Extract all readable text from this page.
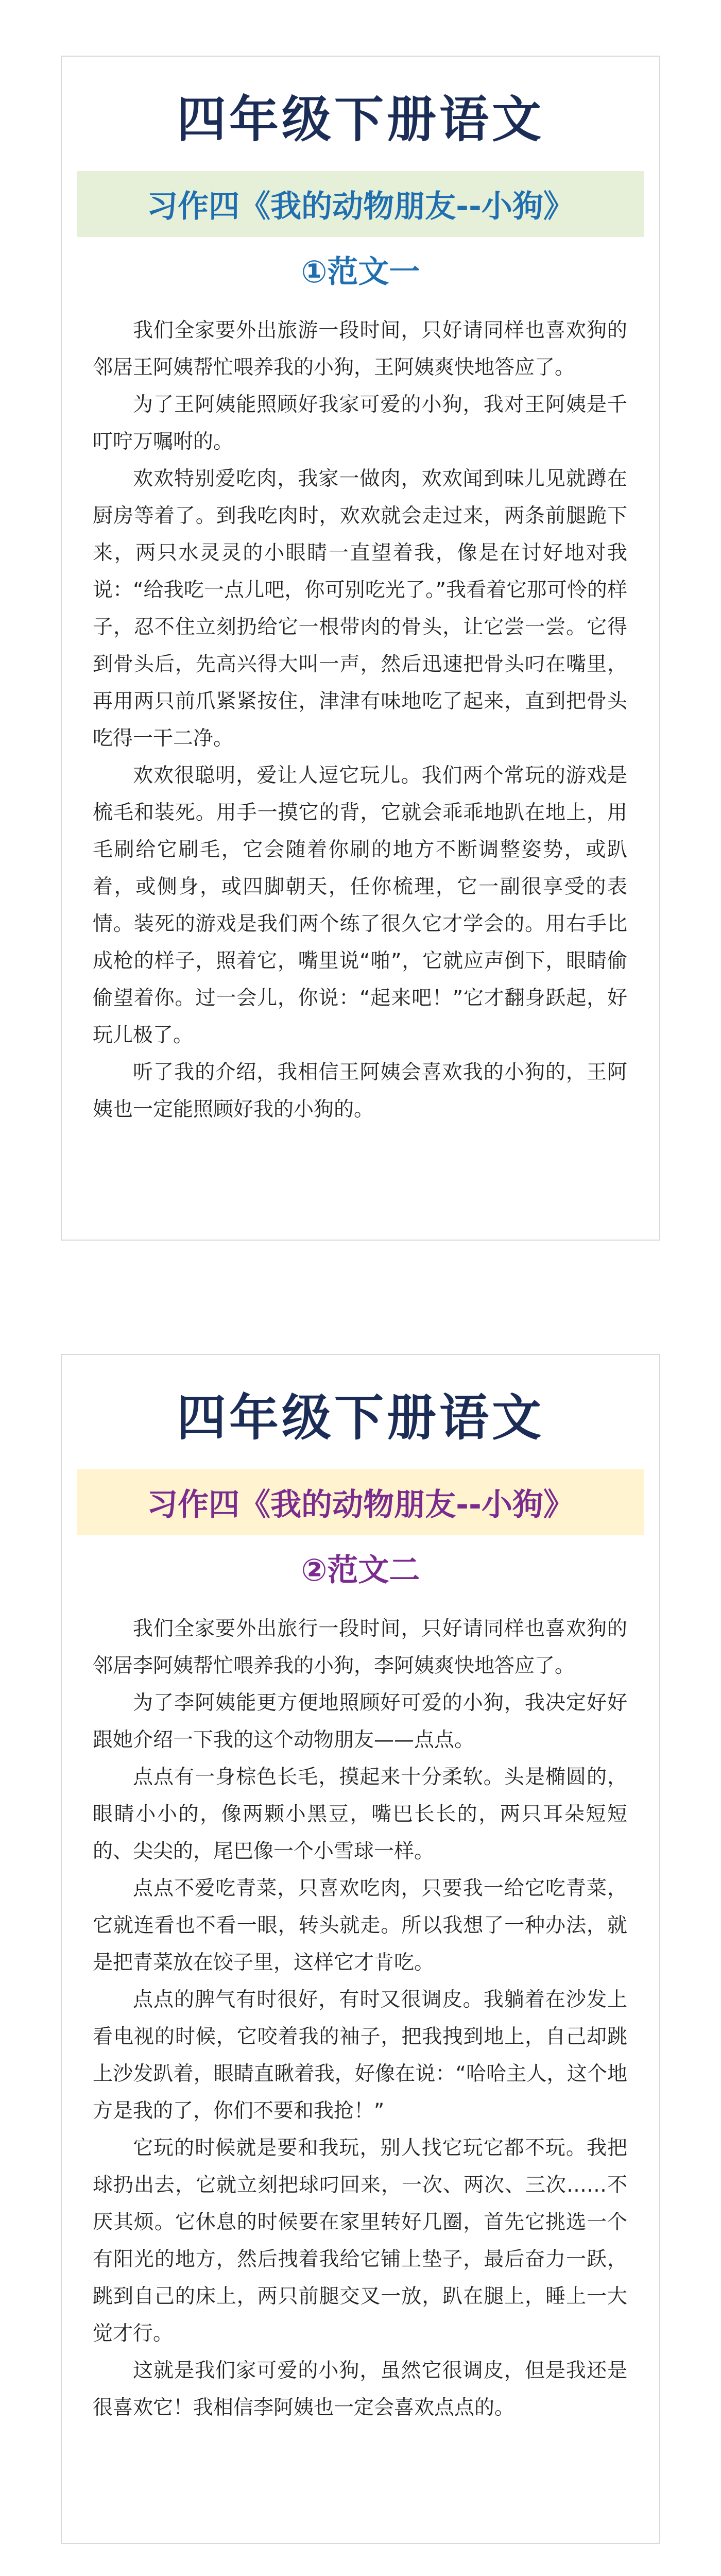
四年级下册语文
习作四《我的动物朋友--小狗》
①范文一

我们全家要外出旅游一段时间，只好请同样也喜欢狗的邻居王阿姨帮忙喂养我的小狗，王阿姨爽快地答应了。

为了王阿姨能照顾好我家可爱的小狗，我对王阿姨是千叮咛万嘱咐的。

欢欢特别爱吃肉，我家一做肉，欢欢闻到味儿见就蹲在厨房等着了。到我吃肉时，欢欢就会走过来，两条前腿跪下来，两只水灵灵的小眼睛一直望着我，像是在讨好地对我说：“给我吃一点儿吧，你可别吃光了。”我看着它那可怜的样子，忍不住立刻扔给它一根带肉的骨头，让它尝一尝。它得到骨头后，先高兴得大叫一声，然后迅速把骨头叼在嘴里，再用两只前爪紧紧按住，津津有味地吃了起来，直到把骨头吃得一干二净。

欢欢很聪明，爱让人逗它玩儿。我们两个常玩的游戏是梳毛和装死。用手一摸它的背，它就会乖乖地趴在地上，用毛刷给它刷毛，它会随着你刷的地方不断调整姿势，或趴着，或侧身，或四脚朝天，任你梳理，它一副很享受的表情。装死的游戏是我们两个练了很久它才学会的。用右手比成枪的样子，照着它，嘴里说“啪”，它就应声倒下，眼睛偷偷望着你。过一会儿，你说：“起来吧！”它才翻身跃起，好玩儿极了。

听了我的介绍，我相信王阿姨会喜欢我的小狗的，王阿姨也一定能照顾好我的小狗的。

四年级下册语文
习作四《我的动物朋友--小狗》
②范文二

我们全家要外出旅行一段时间，只好请同样也喜欢狗的邻居李阿姨帮忙喂养我的小狗，李阿姨爽快地答应了。

为了李阿姨能更方便地照顾好可爱的小狗，我决定好好跟她介绍一下我的这个动物朋友——点点。

点点有一身棕色长毛，摸起来十分柔软。头是椭圆的，眼睛小小的，像两颗小黑豆，嘴巴长长的，两只耳朵短短的、尖尖的，尾巴像一个小雪球一样。

点点不爱吃青菜，只喜欢吃肉，只要我一给它吃青菜，它就连看也不看一眼，转头就走。所以我想了一种办法，就是把青菜放在饺子里，这样它才肯吃。

点点的脾气有时很好，有时又很调皮。我躺着在沙发上看电视的时候，它咬着我的袖子，把我拽到地上，自己却跳上沙发趴着，眼睛直瞅着我，好像在说：“哈哈主人，这个地方是我的了，你们不要和我抢！”

它玩的时候就是要和我玩，别人找它玩它都不玩。我把球扔出去，它就立刻把球叼回来，一次、两次、三次……不厌其烦。它休息的时候要在家里转好几圈，首先它挑选一个有阳光的地方，然后拽着我给它铺上垫子，最后奋力一跃，跳到自己的床上，两只前腿交叉一放，趴在腿上，睡上一大觉才行。

这就是我们家可爱的小狗，虽然它很调皮，但是我还是很喜欢它！我相信李阿姨也一定会喜欢点点的。
